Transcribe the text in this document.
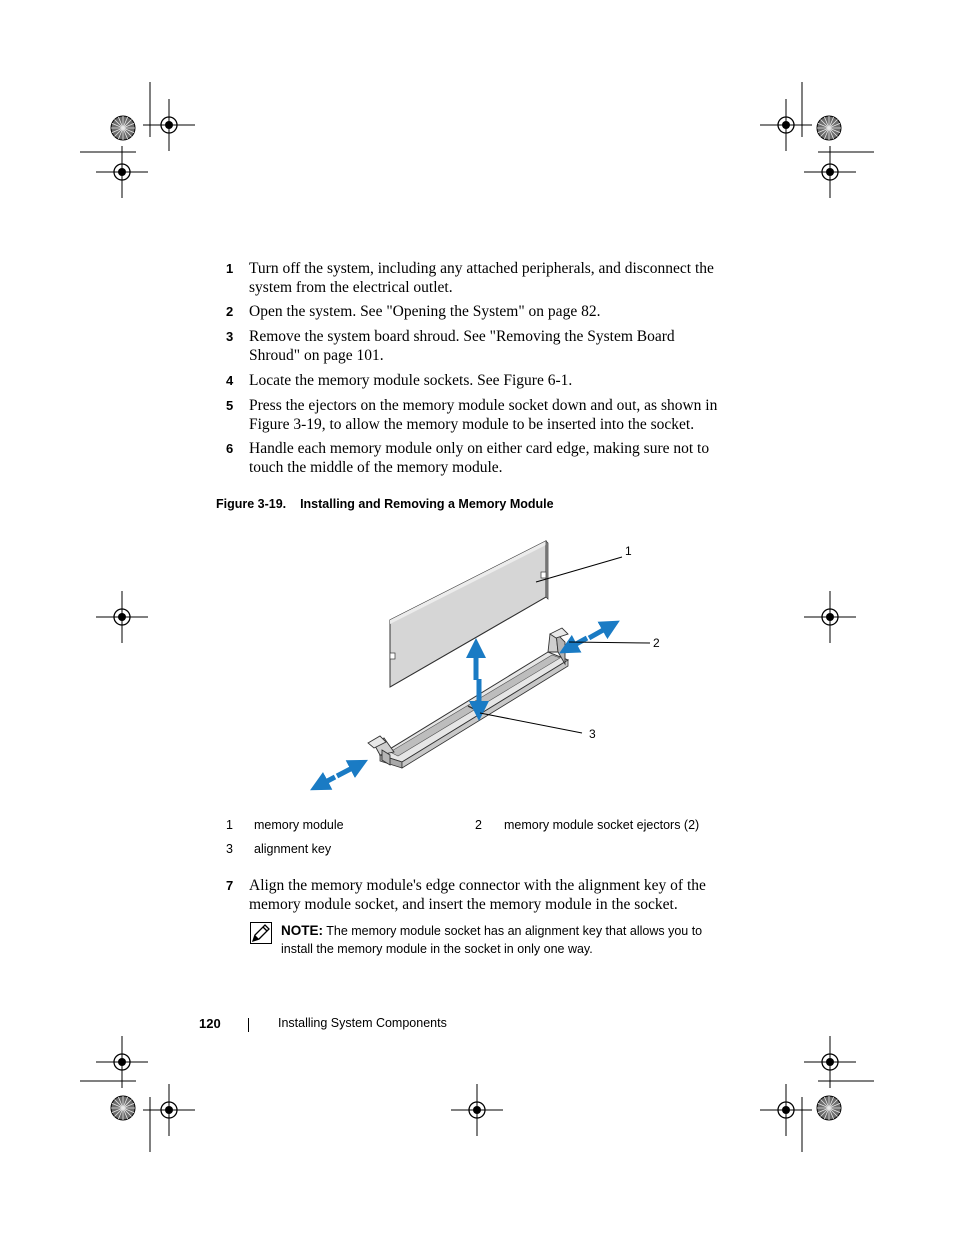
1 Turn off the system, including any attached peripherals, and disconnect the system from the electrical outlet.
2 Open the system. See "Opening the System" on page 82.
3 Remove the system board shroud. See "Removing the System Board Shroud" on page 101.
4 Locate the memory module sockets. See Figure 6-1.
5 Press the ejectors on the memory module socket down and out, as shown in Figure 3-19, to allow the memory module to be inserted into the socket.
6 Handle each memory module only on either card edge, making sure not to touch the middle of the memory module.
7 Align the memory module's edge connector with the alignment key of the memory module socket, and insert the memory module in the socket.
Figure 3-19. Installing and Removing a Memory Module
1
2
3
1 memory module	2 memory module socket ejectors (2)
3 alignment key
NOTE: The memory module socket has an alignment key that allows you to install the memory module in the socket in only one way.
120	Installing System Components
